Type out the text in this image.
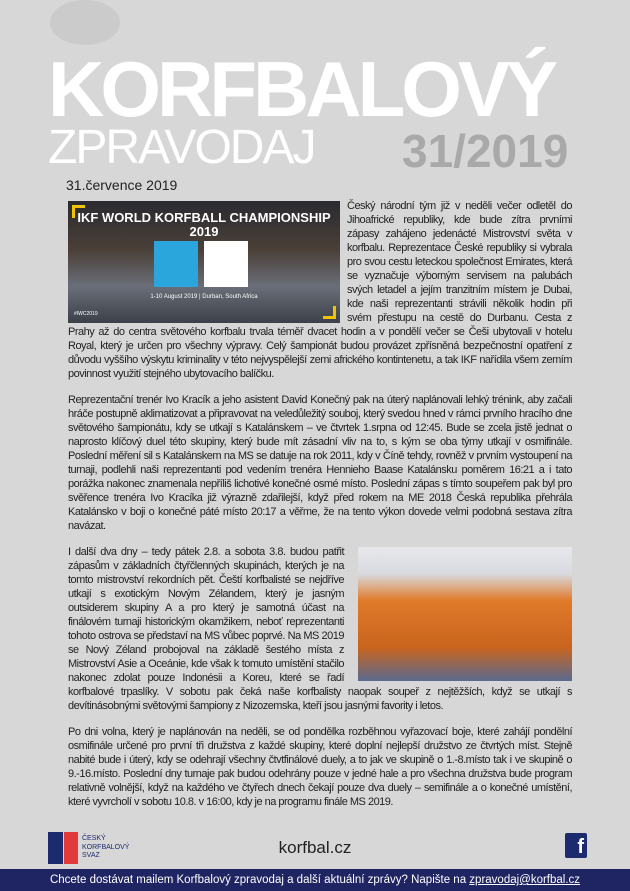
KORFBALOVÝ
ZPRAVODAJ 31/2019
31.července 2019

IKF WORLD KORFBALL CHAMPIONSHIP 2019
1-10 August 2019 | Durban, South Africa
#IWC2019
Český národní tým již v neděli večer odletěl do Jihoafrické republiky, kde bude zítra prvními zápasy zahájeno jedenácté Mistrovství světa v korfbalu. Reprezentace České republiky si vybrala pro svou cestu leteckou společnost Emirates, která se vyznačuje výborným servisem na palubách svých letadel a jejím tranzitním místem je Dubai, kde naši reprezentanti strávili několik hodin při svém přestupu na cestě do Durbanu. Cesta z Prahy až do centra světového korfbalu trvala téměř dvacet hodin a v pondělí večer se Češi ubytovali v hotelu Royal, který je určen pro všechny výpravy. Celý šampionát budou provázet zpřísněná bezpečnostní opatření z důvodu vyššího výskytu kriminality v této nejvyspělejší zemi afrického kontintenetu, a tak IKF nařídila všem zemím povinnost využití stejného ubytovacího balíčku.

Reprezentační trenér Ivo Kracík a jeho asistent David Konečný pak na úterý naplánovali lehký trénink, aby začali hráče postupně aklimatizovat a připravovat na veledůležitý souboj, který svedou hned v rámci prvního hracího dne světového šampionátu, kdy se utkají s Katalánskem – ve čtvrtek 1.srpna od 12:45. Bude se zcela jistě jednat o naprosto klíčový duel této skupiny, který bude mít zásadní vliv na to, s kým se oba týmy utkají v osmifinále. Poslední měření sil s Katalánskem na MS se datuje na rok 2011, kdy v Číně tehdy, rovněž v prvním vystoupení na turnaji, podlehli naši reprezentanti pod vedením trenéra Hennieho Baase Katalánsku poměrem 16:21 a i tato porážka nakonec znamenala nepříliš lichotivé konečné osmé místo. Poslední zápas s tímto soupeřem pak byl pro svěřence trenéra Ivo Kracíka již výrazně zdařilejší, když před rokem na ME 2018 Česká republika přehrála Katalánsko v boji o konečné páté místo 20:17 a věřme, že na tento výkon dovede velmi podobná sestava zítra navázat.

I další dva dny – tedy pátek 2.8. a sobota 3.8. budou patřit zápasům v základních čtyřčlenných skupinách, kterých je na tomto mistrovství rekordních pět. Čeští korfbalisté se nejdříve utkají s exotickým Novým Zélandem, který je jasným outsiderem skupiny A a pro který je samotná účast na finálovém turnaji historickým okamžikem, neboť reprezentanti tohoto ostrova se představí na MS vůbec poprvé. Na MS 2019 se Nový Zéland probojoval na základě šestého místa z Mistrovství Asie a Oceánie, kde však k tomuto umístění stačilo nakonec zdolat pouze Indonésii a Koreu, které se řadí korfbalové trpaslíky. V sobotu pak čeká naše korfbalisty naopak soupeř z nejtěžších, když se utkají s devítinásobnými světovými šampiony z Nizozemska, kteří jsou jasnými favority i letos.

Po dni volna, který je naplánován na neděli, se od pondělka rozběhnou vyřazovací boje, které zahájí pondělní osmifinále určené pro první tři družstva z každé skupiny, které doplní nejlepší družstvo ze čtvrtých míst. Stejně nabité bude i úterý, kdy se odehrají všechny čtvtfinálové duely, a to jak ve skupině o 1.-8.místo tak i ve skupině o 9.-16.místo. Poslední dny turnaje pak budou odehrány pouze v jedné hale a pro všechna družstva bude program relativně volnější, když na každého ve čtyřech dnech čekají pouze dva duely – semifinále a o konečné umístění, které vyvrcholí v sobotu 10.8. v 16:00, kdy je na programu finále MS 2019.

ČESKÝ
KORFBALOVÝ
SVAZ	korfbal.cz	f
Chcete dostávat mailem Korfbalový zpravodaj a další aktuální zprávy? Napište na zpravodaj@korfbal.cz
